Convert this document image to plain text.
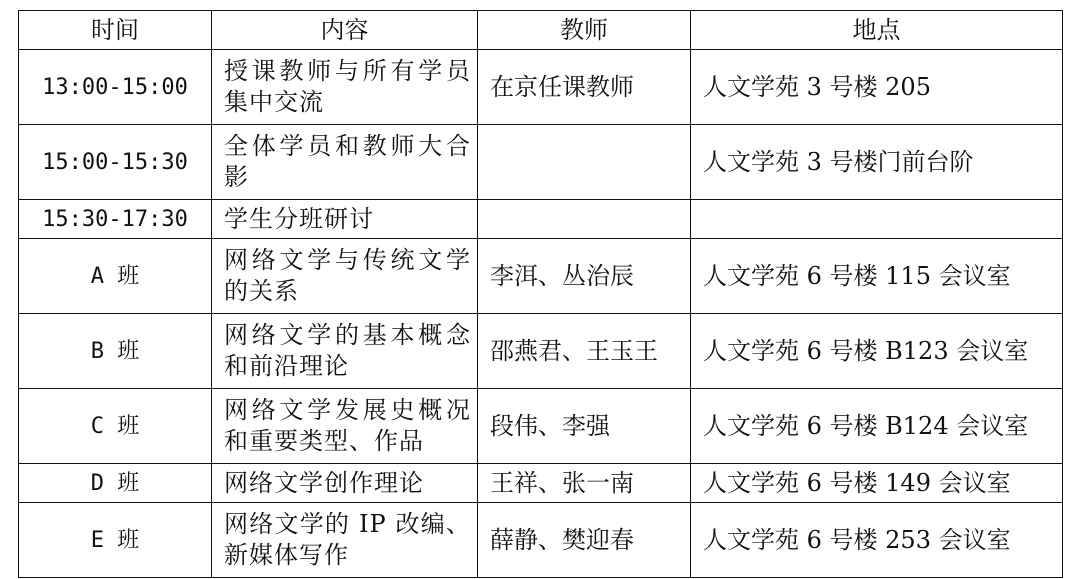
时间	内容	教师	地点
13:00-15:00	授课教师与所有学员集中交流	在京任课教师	人文学苑 3 号楼 205
15:00-15:30	全体学员和教师大合影		人文学苑 3 号楼门前台阶
15:30-17:30	学生分班研讨		
A 班	网络文学与传统文学的关系	李洱、丛治辰	人文学苑 6 号楼 115 会议室
B 班	网络文学的基本概念和前沿理论	邵燕君、王玉王	人文学苑 6 号楼 B123 会议室
C 班	网络文学发展史概况和重要类型、作品	段伟、李强	人文学苑 6 号楼 B124 会议室
D 班	网络文学创作理论	王祥、张一南	人文学苑 6 号楼 149 会议室
E 班	网络文学的 IP 改编、新媒体写作	薛静、樊迎春	人文学苑 6 号楼 253 会议室
